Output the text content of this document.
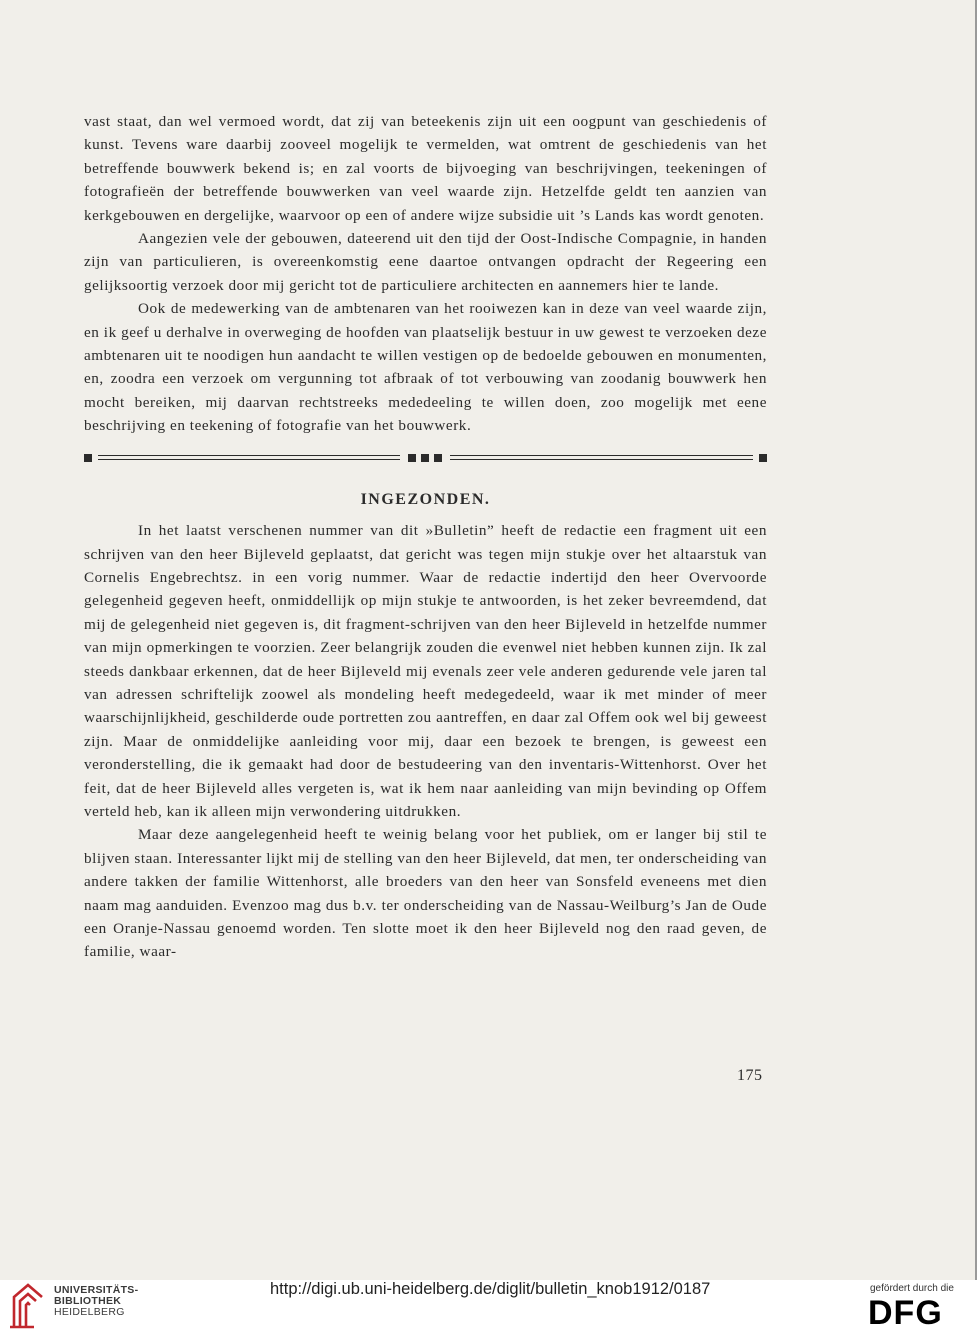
vast staat, dan wel vermoed wordt, dat zij van beteekenis zijn uit een oogpunt van geschiedenis of kunst. Tevens ware daarbij zooveel mogelijk te vermelden, wat omtrent de geschiedenis van het betreffende bouwwerk bekend is; en zal voorts de bijvoeging van beschrijvingen, teekeningen of fotografieën der betreffende bouwwerken van veel waarde zijn. Hetzelfde geldt ten aanzien van kerkgebouwen en dergelijke, waarvoor op een of andere wijze subsidie uit ’s Lands kas wordt genoten.

Aangezien vele der gebouwen, dateerend uit den tijd der Oost-Indische Compagnie, in handen zijn van particulieren, is overeenkomstig eene daartoe ontvangen opdracht der Regeering een gelijksoortig verzoek door mij gericht tot de particuliere architecten en aannemers hier te lande.

Ook de medewerking van de ambtenaren van het rooiwezen kan in deze van veel waarde zijn, en ik geef u derhalve in overweging de hoofden van plaatselijk bestuur in uw gewest te verzoeken deze ambtenaren uit te noodigen hun aandacht te willen vestigen op de bedoelde gebouwen en monumenten, en, zoodra een verzoek om vergunning tot afbraak of tot verbouwing van zoodanig bouwwerk hen mocht bereiken, mij daarvan rechtstreeks mededeeling te willen doen, zoo mogelijk met eene beschrijving en teekening of fotografie van het bouwwerk.

INGEZONDEN.

In het laatst verschenen nummer van dit »Bulletin” heeft de redactie een fragment uit een schrijven van den heer Bijleveld geplaatst, dat gericht was tegen mijn stukje over het altaarstuk van Cornelis Engebrechtsz. in een vorig nummer. Waar de redactie indertijd den heer Overvoorde gelegenheid gegeven heeft, onmiddellijk op mijn stukje te antwoorden, is het zeker bevreemdend, dat mij de gelegenheid niet gegeven is, dit fragment-schrijven van den heer Bijleveld in hetzelfde nummer van mijn opmerkingen te voorzien. Zeer belangrijk zouden die evenwel niet hebben kunnen zijn. Ik zal steeds dankbaar erkennen, dat de heer Bijleveld mij evenals zeer vele anderen gedurende vele jaren tal van adressen schriftelijk zoowel als mondeling heeft medegedeeld, waar ik met minder of meer waarschijnlijkheid, geschilderde oude portretten zou aantreffen, en daar zal Offem ook wel bij geweest zijn. Maar de onmiddelijke aanleiding voor mij, daar een bezoek te brengen, is geweest een veronderstelling, die ik gemaakt had door de bestudeering van den inventaris-Wittenhorst. Over het feit, dat de heer Bijleveld alles vergeten is, wat ik hem naar aanleiding van mijn bevinding op Offem verteld heb, kan ik alleen mijn verwondering uitdrukken.

Maar deze aangelegenheid heeft te weinig belang voor het publiek, om er langer bij stil te blijven staan. Interessanter lijkt mij de stelling van den heer Bijleveld, dat men, ter onderscheiding van andere takken der familie Wittenhorst, alle broeders van den heer van Sonsfeld eveneens met dien naam mag aanduiden. Evenzoo mag dus b.v. ter onderscheiding van de Nassau-Weilburg’s Jan de Oude een Oranje-Nassau genoemd worden. Ten slotte moet ik den heer Bijleveld nog den raad geven, de familie, waar-

175
UNIVERSITÄTS-
BIBLIOTHEK
HEIDELBERG
http://digi.ub.uni-heidelberg.de/diglit/bulletin_knob1912/0187	gefördert durch die
DFG
